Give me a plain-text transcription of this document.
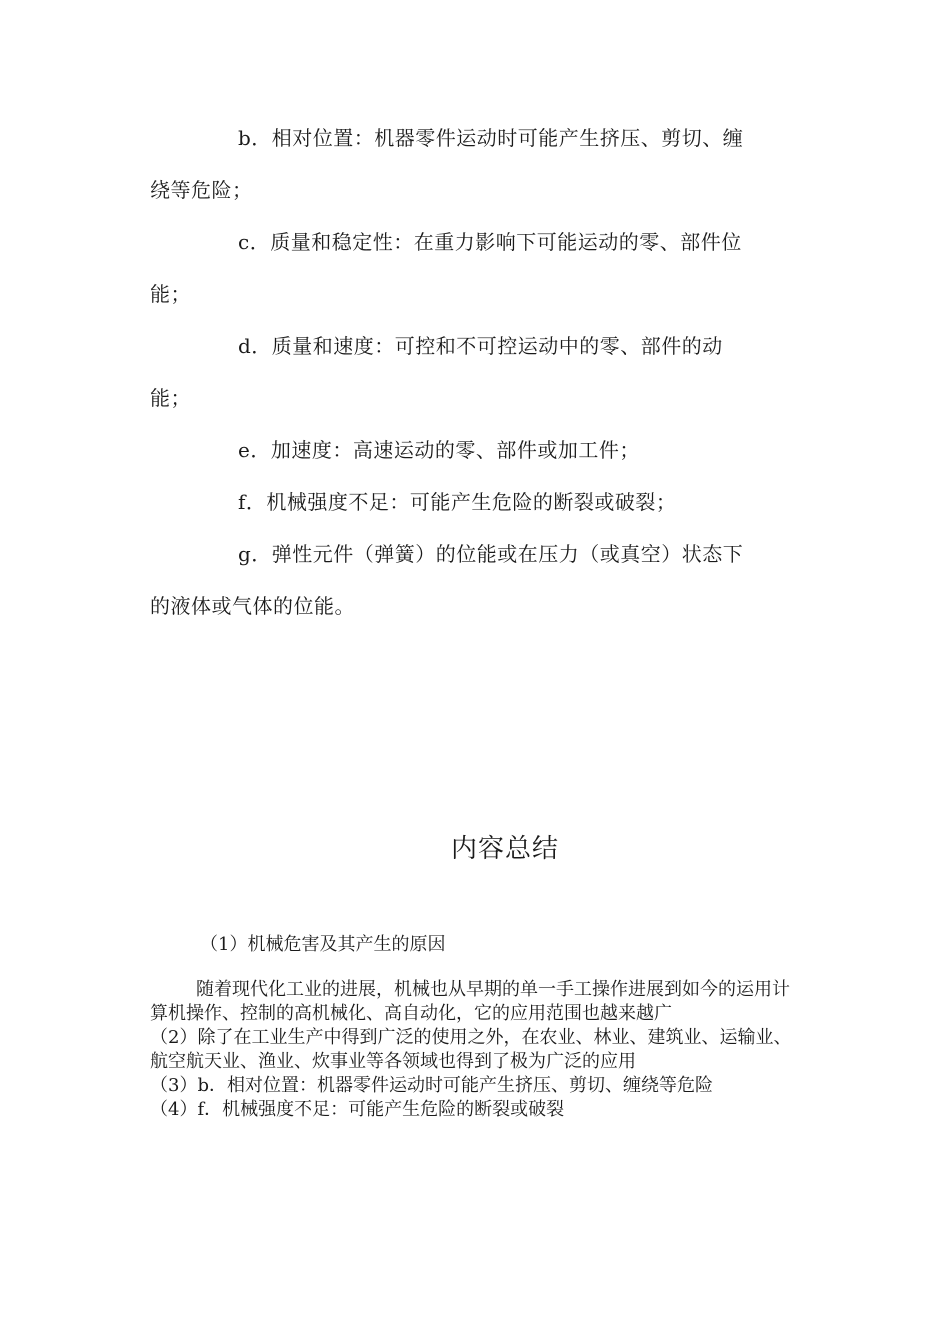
b．相对位置：机器零件运动时可能产生挤压、剪切、缠

绕等危险；

c．质量和稳定性：在重力影响下可能运动的零、部件位

能；

d．质量和速度：可控和不可控运动中的零、部件的动

能；

e．加速度：高速运动的零、部件或加工件；

f．机械强度不足：可能产生危险的断裂或破裂；

g．弹性元件（弹簧）的位能或在压力（或真空）状态下

的液体或气体的位能。

内容总结
（1）机械危害及其产生的原因

随着现代化工业的进展，机械也从早期的单一手工操作进展到如今的运用计算机操作、控制的高机械化、高自动化，它的应用范围也越来越广

（2）除了在工业生产中得到广泛的使用之外，在农业、林业、建筑业、运输业、航空航天业、渔业、炊事业等各领域也得到了极为广泛的应用

（3）b．相对位置：机器零件运动时可能产生挤压、剪切、缠绕等危险

（4）f．机械强度不足：可能产生危险的断裂或破裂
